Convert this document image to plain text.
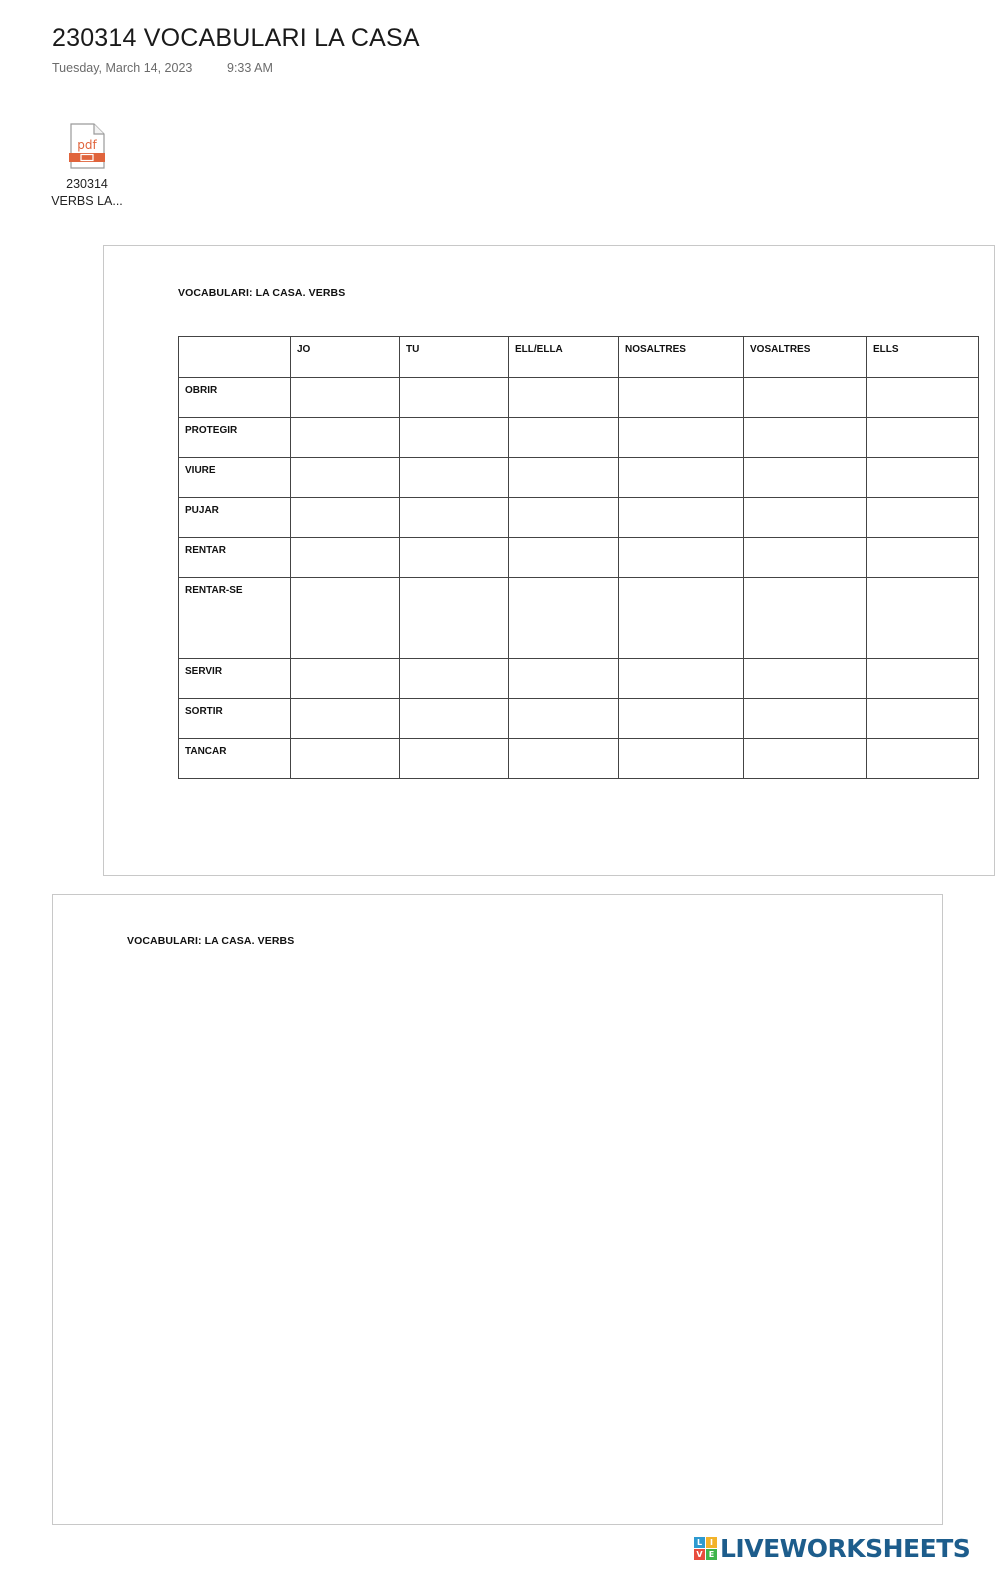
230314 VOCABULARI LA CASA
Tuesday, March 14, 2023	9:33 AM
pdf
230314
VERBS LA...
VOCABULARI: LA CASA. VERBS
	JO	TU	ELL/ELLA	NOSALTRES	VOSALTRES	ELLS
OBRIR						
PROTEGIR						
VIURE						
PUJAR						
RENTAR						
RENTAR-SE						
SERVIR						
SORTIR						
TANCAR						
VOCABULARI: LA CASA. VERBS
L I
V E LIVEWORKSHEETS
